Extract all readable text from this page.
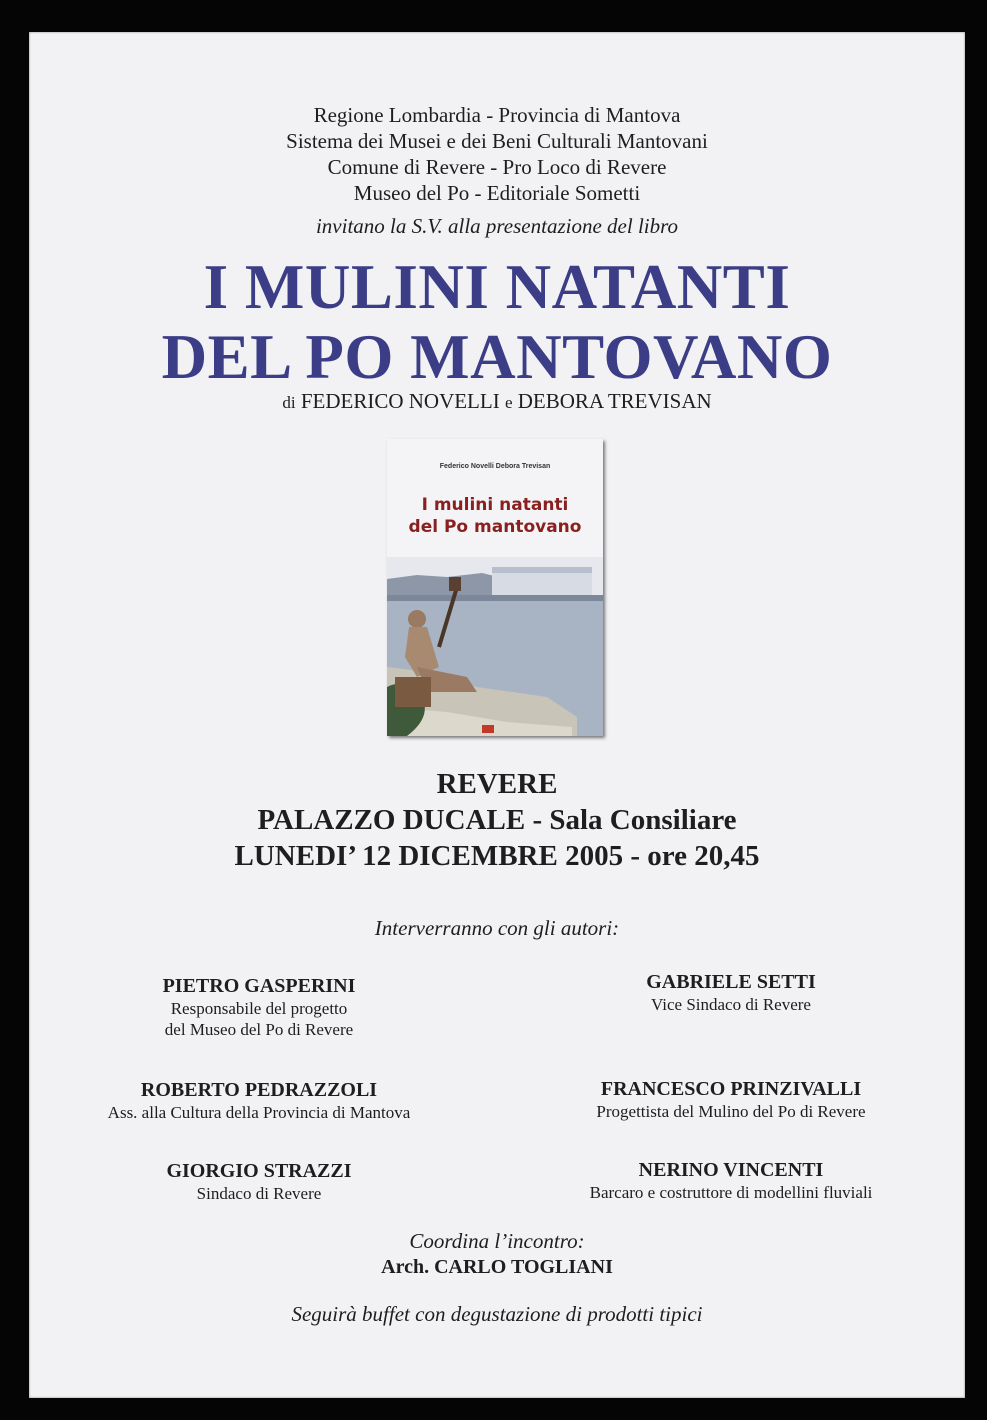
Regione Lombardia - Provincia di Mantova
Sistema dei Musei e dei Beni Culturali Mantovani
Comune di Revere - Pro Loco di Revere
Museo del Po - Editoriale Sometti
invitano la S.V. alla presentazione del libro
I MULINI NATANTI
DEL PO MANTOVANO
di FEDERICO NOVELLI e DEBORA TREVISAN
Federico Novelli Debora Trevisan
I mulini natanti
del Po mantovano
REVERE
PALAZZO DUCALE - Sala Consiliare
LUNEDI’ 12 DICEMBRE 2005 - ore 20,45
Interverranno con gli autori:
PIETRO GASPERINI
Responsabile del progetto
del Museo del Po di Revere
GABRIELE SETTI
Vice Sindaco di Revere
ROBERTO PEDRAZZOLI
Ass. alla Cultura della Provincia di Mantova
FRANCESCO PRINZIVALLI
Progettista del Mulino del Po di Revere
GIORGIO STRAZZI
Sindaco di Revere
NERINO VINCENTI
Barcaro e costruttore di modellini fluviali
Coordina l’incontro:
Arch. CARLO TOGLIANI
Seguirà buffet con degustazione di prodotti tipici
